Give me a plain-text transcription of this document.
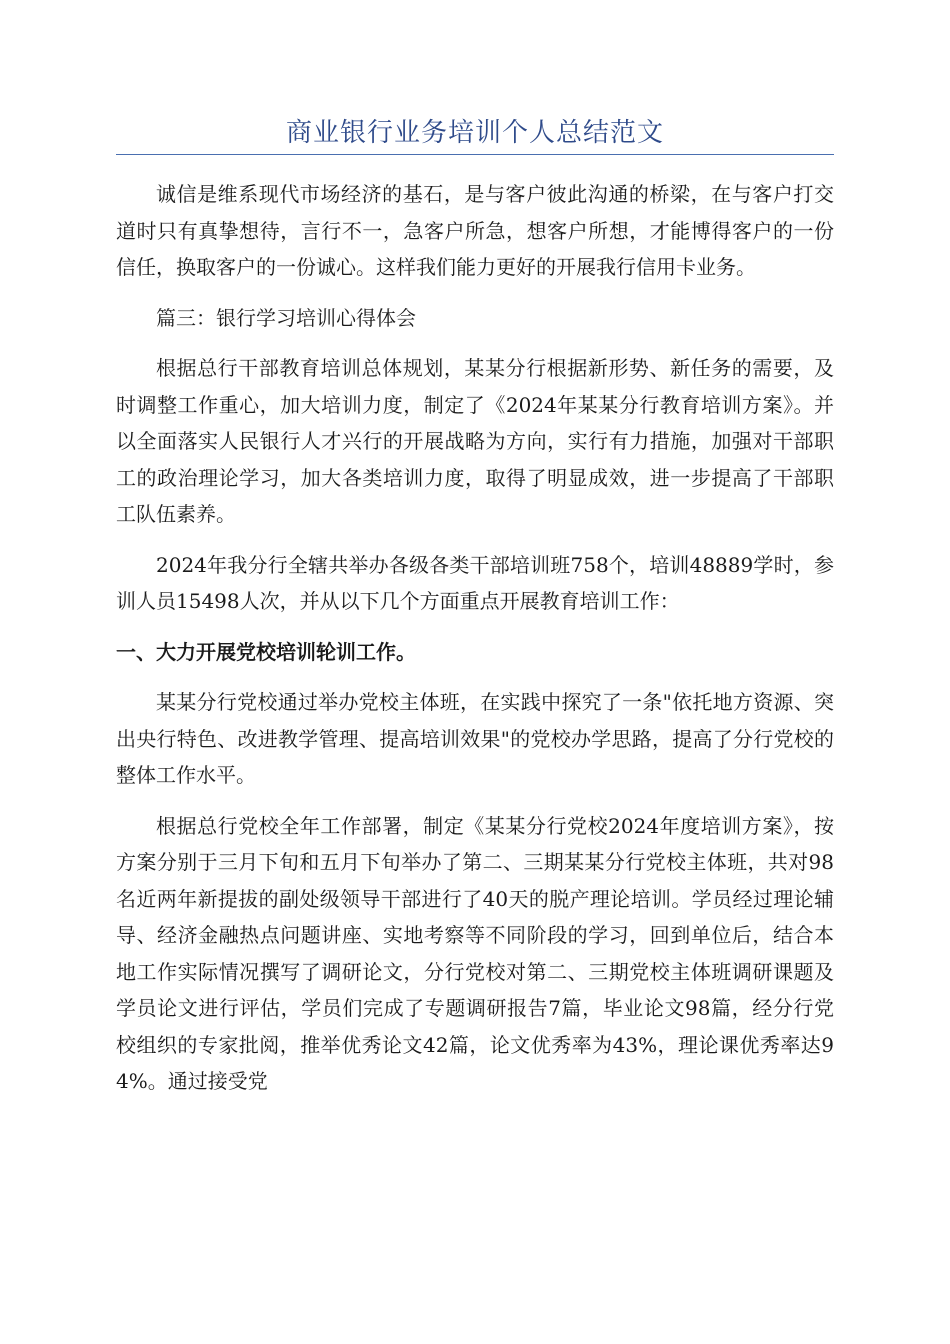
商业银行业务培训个人总结范文

诚信是维系现代市场经济的基石，是与客户彼此沟通的桥梁，在与客户打交道时只有真挚想待，言行不一，急客户所急，想客户所想，才能博得客户的一份信任，换取客户的一份诚心。这样我们能力更好的开展我行信用卡业务。

篇三：银行学习培训心得体会

根据总行干部教育培训总体规划，某某分行根据新形势、新任务的需要，及时调整工作重心，加大培训力度，制定了《2024年某某分行教育培训方案》。并以全面落实人民银行人才兴行的开展战略为方向，实行有力措施，加强对干部职工的政治理论学习，加大各类培训力度，取得了明显成效，进一步提高了干部职工队伍素养。

2024年我分行全辖共举办各级各类干部培训班758个，培训48889学时，参训人员15498人次，并从以下几个方面重点开展教育培训工作：

一、大力开展党校培训轮训工作。

某某分行党校通过举办党校主体班，在实践中探究了一条"依托地方资源、突出央行特色、改进教学管理、提高培训效果"的党校办学思路，提高了分行党校的整体工作水平。

根据总行党校全年工作部署，制定《某某分行党校2024年度培训方案》，按方案分别于三月下旬和五月下旬举办了第二、三期某某分行党校主体班，共对98名近两年新提拔的副处级领导干部进行了40天的脱产理论培训。学员经过理论辅导、经济金融热点问题讲座、实地考察等不同阶段的学习，回到单位后，结合本地工作实际情况撰写了调研论文，分行党校对第二、三期党校主体班调研课题及学员论文进行评估，学员们完成了专题调研报告7篇，毕业论文98篇，经分行党校组织的专家批阅，推举优秀论文42篇，论文优秀率为43%，理论课优秀率达94%。通过接受党
